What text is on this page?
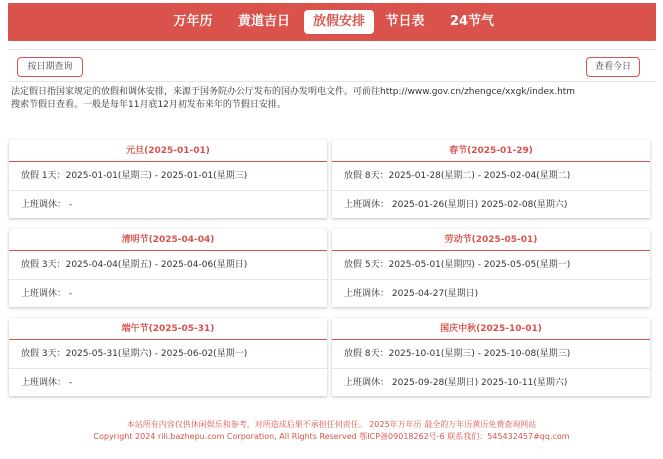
万年历	黄道吉日	放假安排	节日表	24节气
按日期查询	查看今日
法定假日指国家规定的放假和调休安排，来源于国务院办公厅发布的国办发明电文件。可前往http://www.gov.cn/zhengce/xxgk/index.htm
搜索节假日查看。一般是每年11月底12月初发布来年的节假日安排。
元旦(2025-01-01)
放假 1天：2025-01-01(星期三) - 2025-01-01(星期三)
上班调休： -
春节(2025-01-29)
放假 8天：2025-01-28(星期二) - 2025-02-04(星期二)
上班调休： 2025-01-26(星期日) 2025-02-08(星期六)
清明节(2025-04-04)
放假 3天：2025-04-04(星期五) - 2025-04-06(星期日)
上班调休： -
劳动节(2025-05-01)
放假 5天：2025-05-01(星期四) - 2025-05-05(星期一)
上班调休： 2025-04-27(星期日)
端午节(2025-05-31)
放假 3天：2025-05-31(星期六) - 2025-06-02(星期一)
上班调休： -
国庆中秋(2025-10-01)
放假 8天：2025-10-01(星期三) - 2025-10-08(星期三)
上班调休： 2025-09-28(星期日) 2025-10-11(星期六)
本站所有内容仅供休闲娱乐和参考，对所造成后果不承担任何责任。 2025年万年历 最全的万年历黄历免费查询网站
Copyright 2024 rili.bazhepu.com Corporation, All Rights Reserved 鄂ICP备09018262号-6 联系我们：545432457#qq.com
